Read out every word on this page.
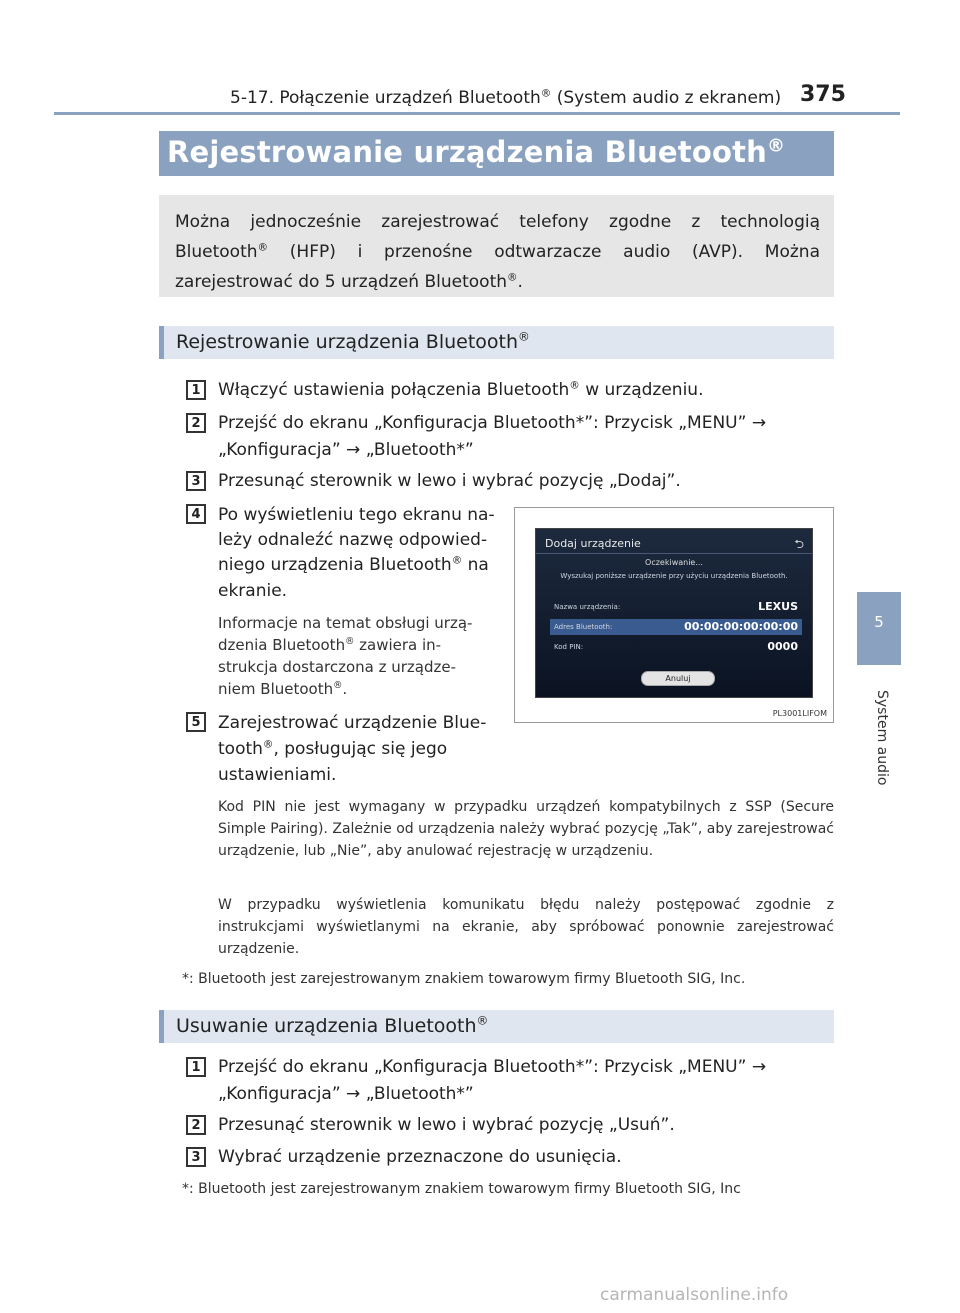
5-17. Połączenie urządzeń Bluetooth® (System audio z ekranem) 375
5
System audio
Rejestrowanie urządzenia Bluetooth®
Można jednocześnie zarejestrować telefony zgodne z technologią Bluetooth® (HFP) i przenośne odtwarzacze audio (AVP). Można zarejestrować do 5 urządzeń Bluetooth®.
Rejestrowanie urządzenia Bluetooth®
1	Włączyć ustawienia połączenia Bluetooth® w urządzeniu.
2	Przejść do ekranu „Konfiguracja Bluetooth*”: Przycisk „MENU” →
„Konfiguracja” → „Bluetooth*”
3	Przesunąć sterownik w lewo i wybrać pozycję „Dodaj”.
4	Po wyświetleniu tego ekranu na-
leży odnaleźć nazwę odpowied-
niego urządzenia Bluetooth® na
ekranie.
Informacje na temat obsługi urzą-
dzenia Bluetooth® zawiera in-
strukcja dostarczona z urządze-
niem Bluetooth®.
5	Zarejestrować urządzenie Blue-
tooth®, posługując się jego
ustawieniami.
Dodaj urządzenie	⮌
Oczekiwanie...
Wyszukaj poniższe urządzenie przy użyciu urządzenia Bluetooth.
Nazwa urządzenia:	LEXUS
Adres Bluetooth:	00:00:00:00:00:00
Kod PIN:	0000
Anuluj
PL3001LIFOM
Kod PIN nie jest wymagany w przypadku urządzeń kompatybilnych z SSP (Secure Simple Pairing). Zależnie od urządzenia należy wybrać pozycję „Tak”, aby zarejestrować urządzenie, lub „Nie”, aby anulować rejestrację w urządzeniu.
W przypadku wyświetlenia komunikatu błędu należy postępować zgodnie z instrukcjami wyświetlanymi na ekranie, aby spróbować ponownie zarejestrować urządzenie.
*: Bluetooth jest zarejestrowanym znakiem towarowym firmy Bluetooth SIG, Inc.
Usuwanie urządzenia Bluetooth®
1	Przejść do ekranu „Konfiguracja Bluetooth*”: Przycisk „MENU” →
„Konfiguracja” → „Bluetooth*”
2	Przesunąć sterownik w lewo i wybrać pozycję „Usuń”.
3	Wybrać urządzenie przeznaczone do usunięcia.
*: Bluetooth jest zarejestrowanym znakiem towarowym firmy Bluetooth SIG, Inc
carmanualsonline.info
